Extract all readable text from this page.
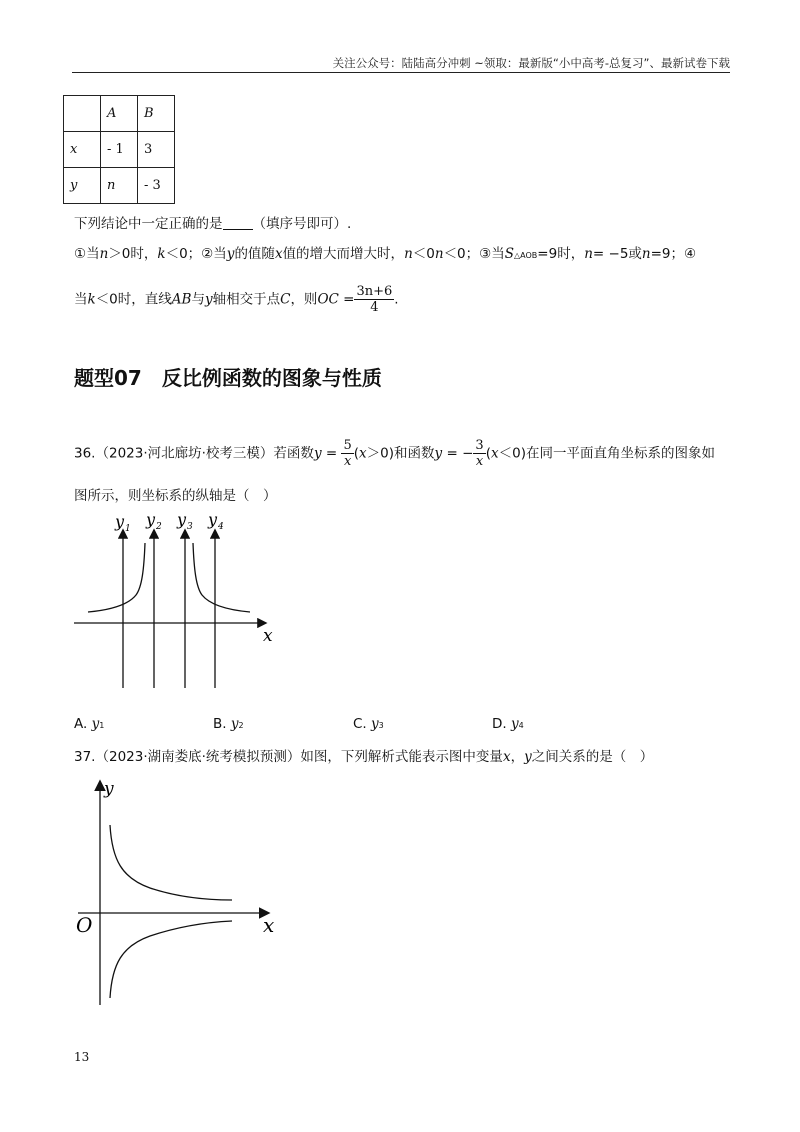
关注公众号：陆陆高分冲刺 ~领取：最新版“小中高考-总复习”、最新试卷下载
	A	B
x	- 1	3
y	n	- 3
下列结论中一定正确的是 （填序号即可）.
①当n＞0时，k＜0；②当y的值随x值的增大而增大时，n＜0n＜0；③当S△AOB=9时，n= −5或n=9；④
当k＜0时，直线AB与y轴相交于点C，则OC = $\frac{3n+6}{4}$ .
题型07　反比例函数的图象与性质
36.（2023·河北廊坊·校考三模）若函数$y = \frac{5}{x} (x>0)$和函数y = − $\frac{3}{x} (x<0)$在同一平面直角坐标系的图象如
图所示，则坐标系的纵轴是（　）
y 1 y 2 y 3 y 4
x
A. y1	B. y2	C. y3	D. y4
37.（2023·湖南娄底·统考模拟预测）如图，下列解析式能表示图中变量x，y之间关系的是（　）
y
x
O
13
